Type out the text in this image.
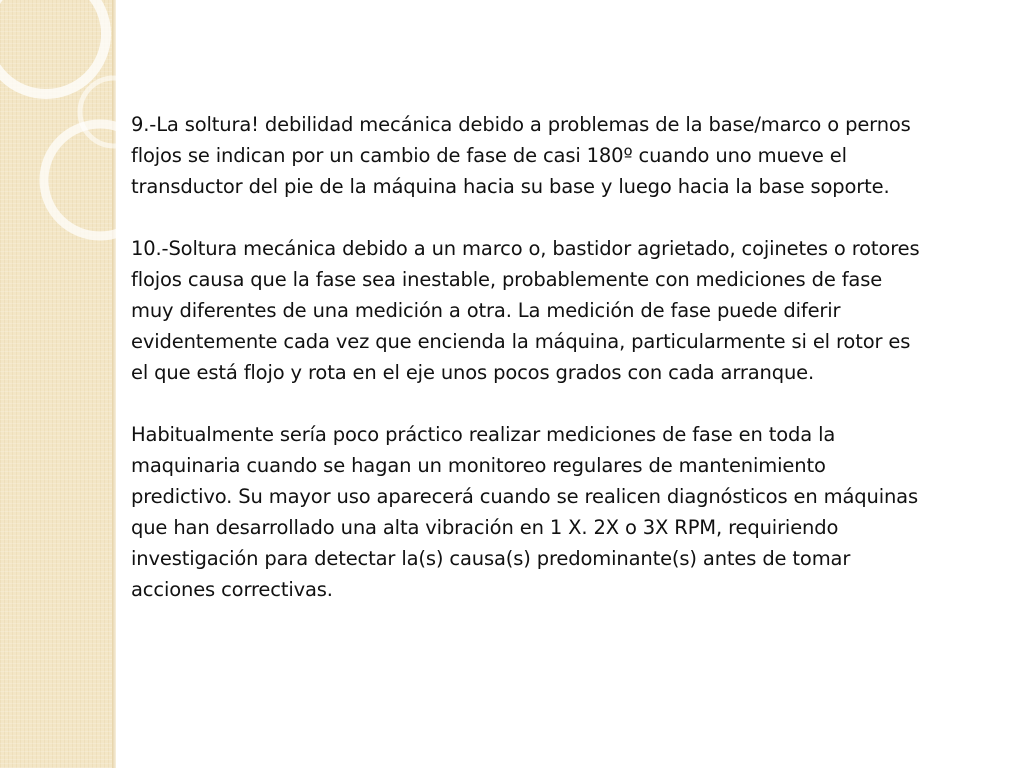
9.-La soltura! debilidad mecánica debido a problemas de la base/marco o pernos flojos se indican por un cambio de fase de casi 180º cuando uno mueve el transductor del pie de la máquina hacia su base y luego hacia la base soporte.

10.-Soltura mecánica debido a un marco o, bastidor agrietado, cojinetes o rotores flojos causa que la fase sea inestable, probablemente con mediciones de fase muy diferentes de una medición a otra. La medición de fase puede diferir evidentemente cada vez que encienda la máquina, particularmente si el rotor es el que está flojo y rota en el eje unos pocos grados con cada arranque.

Habitualmente sería poco práctico realizar mediciones de fase en toda la maquinaria cuando se hagan un monitoreo regulares de mantenimiento predictivo. Su mayor uso aparecerá cuando se realicen diagnósticos en máquinas que han desarrollado una alta vibración en 1 X. 2X o 3X RPM, requiriendo investigación para detectar la(s) causa(s) predominante(s) antes de tomar acciones correctivas.
